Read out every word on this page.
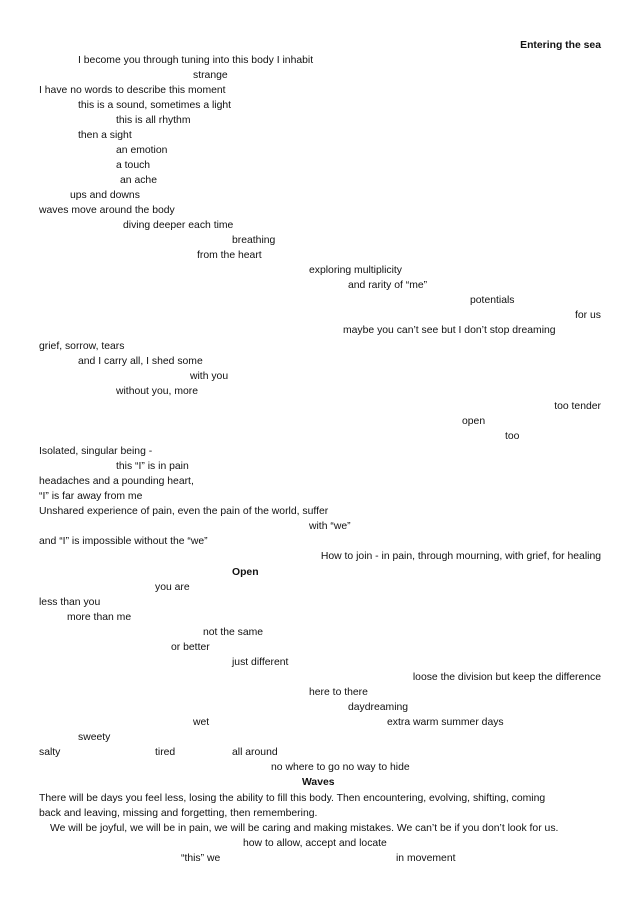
Entering the sea
I become you through tuning into this body I inhabit
strange
I have no words to describe this moment
this is a sound, sometimes a light
this is all rhythm
then a sight
an emotion
a touch
an ache
ups and downs
waves move around the body
diving deeper each time
breathing
from the heart
exploring multiplicity
and rarity of “me”
potentials
for us
maybe you can’t see but I don’t stop dreaming
grief, sorrow, tears
and I carry all, I shed some
with you
without you, more
too tender
open
too
Isolated, singular being -
this “I” is in pain
headaches and a pounding heart,
“I” is far away from me
Unshared experience of pain, even the pain of the world, suffer
with “we”
and “I” is impossible without the “we”
How to join - in pain, through mourning, with grief, for healing
Open
you are
less than you
more than me
not the same
or better
just different
loose the division but keep the difference
here to there
daydreaming
wet	extra warm summer days
sweety
salty	tired	all around
no where to go no way to hide
Waves
There will be days you feel less, losing the ability to fill this body. Then encountering, evolving, shifting, coming
back and leaving, missing and forgetting, then remembering.
We will be joyful, we will be in pain, we will be caring and making mistakes. We can’t be if you don’t look for us.
how to allow, accept and locate
“this” we	in movement
